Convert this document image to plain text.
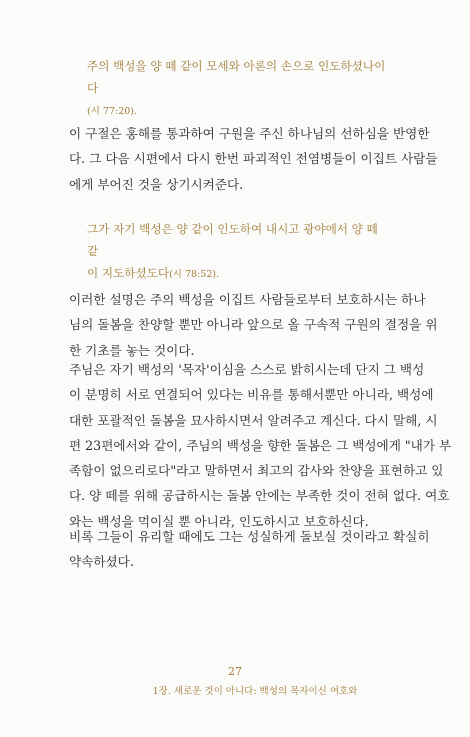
주의 백성을 양 떼 같이 모세와 아론의 손으로 인도하셨나이다
(시 77:20).

이 구절은 홍해를 통과하여 구원을 주신 하나님의 선하심을 반영한
다. 그 다음 시편에서 다시 한번 파괴적인 전염병들이 이집트 사람들
에게 부어진 것을 상기시켜준다.

그가 자기 백성은 양 같이 인도하여 내시고 광야에서 양 떼 같
이 지도하셨도다(시 78:52).

이러한 설명은 주의 백성을 이집트 사람들로부터 보호하시는 하나
님의 돌봄을 찬양할 뿐만 아니라 앞으로 올 구속적 구원의 결정을 위
한 기초를 놓는 것이다.

주님은 자기 백성의 '목자'이심을 스스로 밝히시는데 단지 그 백성
이 분명히 서로 연결되어 있다는 비유를 통해서뿐만 아니라, 백성에
대한 포괄적인 돌봄을 묘사하시면서 알려주고 계신다. 다시 말해, 시
편 23편에서와 같이, 주님의 백성을 향한 돌봄은 그 백성에게 "내가 부
족함이 없으리로다"라고 말하면서 최고의 감사와 찬양을 표현하고 있
다. 양 떼를 위해 공급하시는 돌봄 안에는 부족한 것이 전혀 없다. 여호
와는 백성을 먹이실 뿐 아니라, 인도하시고 보호하신다.

비록 그들이 유리할 때에도 그는 성실하게 돌보실 것이라고 확실히
약속하셨다.

27
1장. 새로운 것이 아니다: 백성의 목자이신 여호와
